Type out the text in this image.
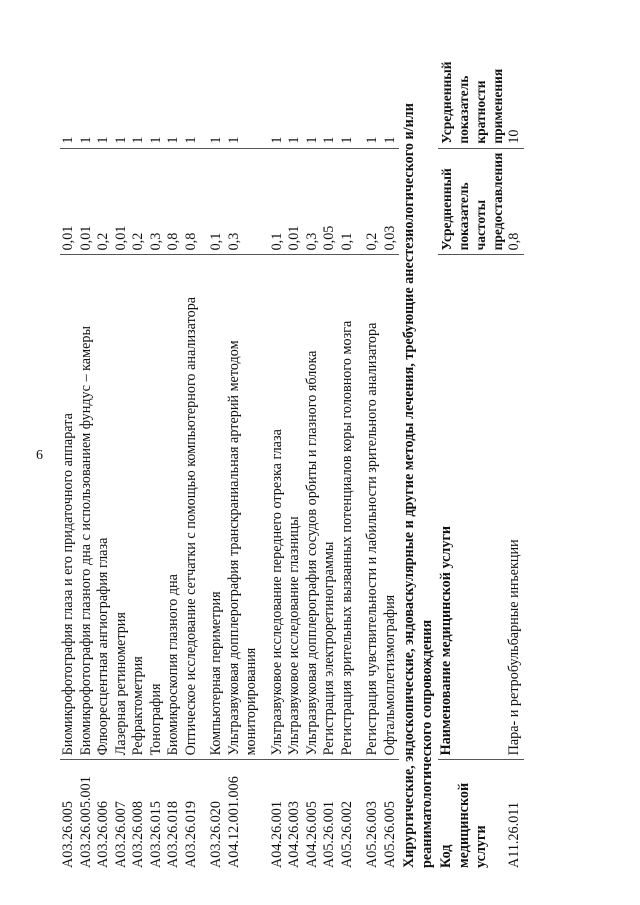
6
A03.26.005	Биомикрофотография глаза и его придаточного аппарата	0,01	1
A03.26.005.001	Биомикрофотография глазного дна с использованием фундус – камеры	0,01	1
A03.26.006	Флюоресцентная ангиография глаза	0,2	1
A03.26.007	Лазерная ретинометрия	0,01	1
A03.26.008	Рефрактометрия	0,2	1
A03.26.015	Тонография	0,3	1
A03.26.018	Биомикроскопия глазного дна	0,8	1
A03.26.019	Оптическое исследование сетчатки с помощью компьютерного анализатора	0,8	1

A03.26.020	Компьютерная периметрия	0,1	1
A04.12.001.006	Ультразвуковая допплерография транскраниальная артерий методом мониторирования	0,3	1

A04.26.001	Ультразвуковое исследование переднего отрезка глаза	0,1	1
A04.26.003	Ультразвуковое исследование глазницы	0,01	1
A04.26.005	Ультразвуковая допплерография сосудов орбиты и глазного яблока	0,3	1
A05.26.001	Регистрация электроретинограммы	0,05	1
A05.26.002	Регистрация зрительных вызванных потенциалов коры головного мозга	0,1	1

A05.26.003	Регистрация чувствительности и лабильности зрительного анализатора	0,2	1
A05.26.005	Офтальмоплетизмография	0,03	1
Хирургические, эндоскопические, эндоваскулярные и другие методы лечения, требующие анестезиологического и/или реаниматологического сопровождения			
Код медицинской услуги	Наименование медицинской услуги	Усредненный показатель частоты предоставления	Усредненный показатель кратности применения
A11.26.011	Пара- и ретробульбарные инъекции	0,8	10
